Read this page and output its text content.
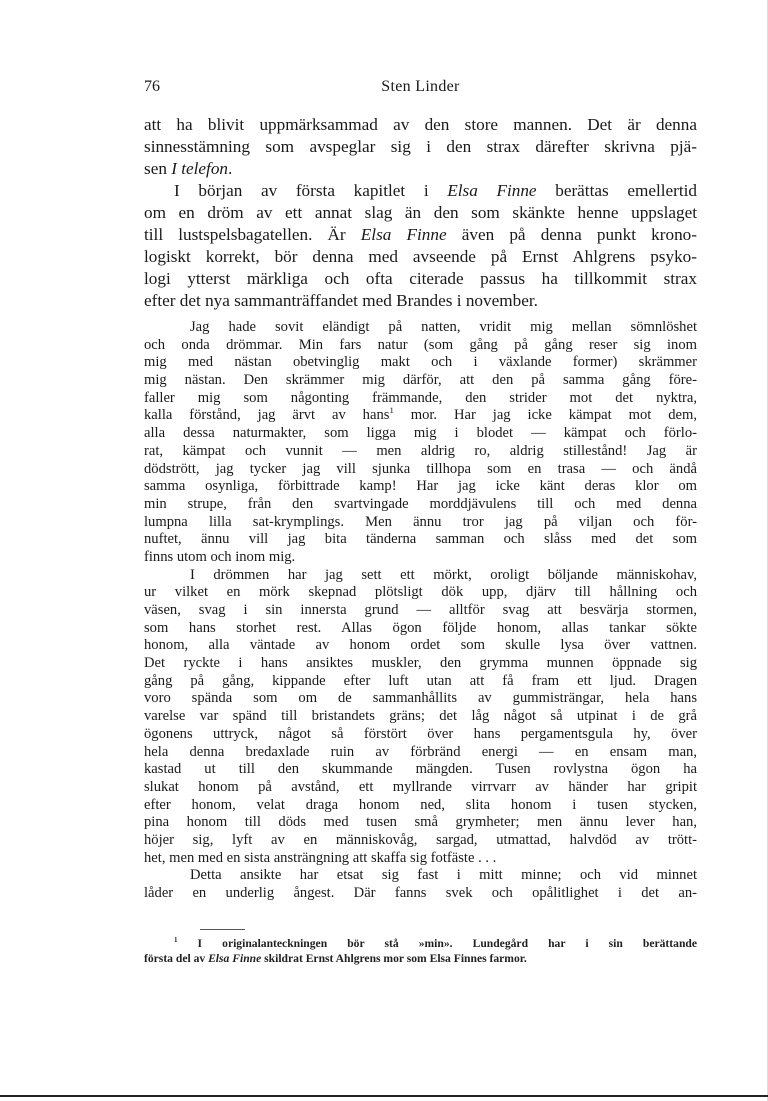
76	Sten Linder
att ha blivit uppmärksammad av den store mannen. Det är denna
sinnesstämning som avspeglar sig i den strax därefter skrivna pjä-
sen I telefon.
I början av första kapitlet i Elsa Finne berättas emellertid
om en dröm av ett annat slag än den som skänkte henne uppslaget
till lustspelsbagatellen. Är Elsa Finne även på denna punkt krono-
logiskt korrekt, bör denna med avseende på Ernst Ahlgrens psyko-
logi ytterst märkliga och ofta citerade passus ha tillkommit strax
efter det nya sammanträffandet med Brandes i november.
Jag hade sovit eländigt på natten, vridit mig mellan sömnlöshet
och onda drömmar. Min fars natur (som gång på gång reser sig inom
mig med nästan obetvinglig makt och i växlande former) skrämmer
mig nästan. Den skrämmer mig därför, att den på samma gång före-
faller mig som någonting främmande, den strider mot det nyktra,
kalla förstånd, jag ärvt av hans$^1$ mor. Har jag icke kämpat mot dem,
alla dessa naturmakter, som ligga mig i blodet — kämpat och förlo-
rat, kämpat och vunnit — men aldrig ro, aldrig stillestånd! Jag är
dödstrött, jag tycker jag vill sjunka tillhopa som en trasa — och ändå
samma osynliga, förbittrade kamp! Har jag icke känt deras klor om
min strupe, från den svartvingade morddjävulens till och med denna
lumpna lilla sat-krymplings. Men ännu tror jag på viljan och för-
nuftet, ännu vill jag bita tänderna samman och slåss med det som
finns utom och inom mig.
I drömmen har jag sett ett mörkt, oroligt böljande människohav,
ur vilket en mörk skepnad plötsligt dök upp, djärv till hållning och
väsen, svag i sin innersta grund — alltför svag att besvärja stormen,
som hans storhet rest. Allas ögon följde honom, allas tankar sökte
honom, alla väntade av honom ordet som skulle lysa över vattnen.
Det ryckte i hans ansiktes muskler, den grymma munnen öppnade sig
gång på gång, kippande efter luft utan att få fram ett ljud. Dragen
voro spända som om de sammanhållits av gummisträngar, hela hans
varelse var spänd till bristandets gräns; det låg något så utpinat i de grå
ögonens uttryck, något så förstört över hans pergamentsgula hy, över
hela denna bredaxlade ruin av förbränd energi — en ensam man,
kastad ut till den skummande mängden. Tusen rovlystna ögon ha
slukat honom på avstånd, ett myllrande virrvarr av händer har gripit
efter honom, velat draga honom ned, slita honom i tusen stycken,
pina honom till döds med tusen små grymheter; men ännu lever han,
höjer sig, lyft av en människovåg, sargad, utmattad, halvdöd av trött-
het, men med en sista ansträngning att skaffa sig fotfäste . . .
Detta ansikte har etsat sig fast i mitt minne; och vid minnet
låder en underlig ångest. Där fanns svek och opålitlighet i det an-
$^1$ I originalanteckningen bör stå »min». Lundegård har i sin berättande
första del av Elsa Finne skildrat Ernst Ahlgrens mor som Elsa Finnes farmor.
